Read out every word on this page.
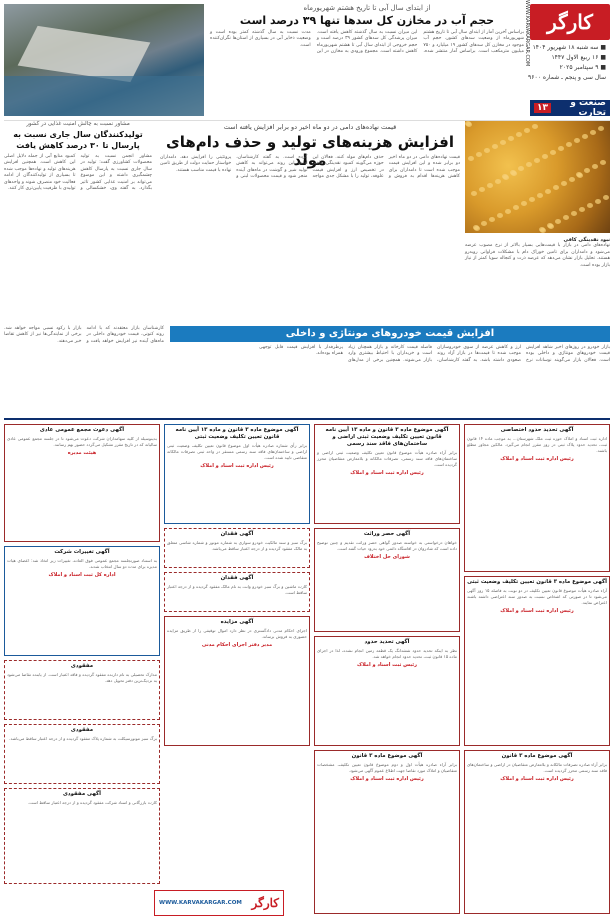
کارگر
WWW.KARVAKARGAR.COM ■ سه شنبه ۱۸ شهریور ۱۴۰۴
■ ۱۶ ربیع الاول ۱۴۴۷
■ ۹ سپتامبر ۲۰۲۵
سال سی و پنجم ـ شماره ۹۶۰۰
صنعت و تجارت
۱۳
از ابتدای سال آبی تا تاریخ هشتم شهریورماه
حجم آب در مخازن کل سدها تنها ۳۹ درصد است
براساس آخرین آمار از ابتدای سال آبی تا تاریخ هشتم شهریورماه از وضعیت سدهای کشور، حجم آب موجود در مخازن کل سدهای کشور ۱۹ میلیارد و ۷۵۰ میلیون مترمکعب است. براساس آمار منتشر شده، این میزان نسبت به سال گذشته کاهش یافته است. میزان پرشدگی کل سدهای کشور ۳۹ درصد است و حجم خروجی از ابتدای سال آبی تا هشتم شهریورماه کاهش داشته است. مجموع ورودی به مخازن در این مدت نسبت به سال گذشته کمتر بوده است و وضعیت ذخایر آبی در بسیاری از استان‌ها نگران‌کننده است.
مشاور نسبت به چالش امنیت غذایی در کشور
تولیدکنندگان سال جاری نسبت به پارسال تا ۳۰ درصد کاهش یافت
مشاور انجمن نسبت به تولید محصولات کشاورزی گفت: تولید در سال جاری نسبت به پارسال کاهش چشمگیری داشته و این موضوع می‌تواند بر امنیت غذایی کشور تاثیر بگذارد. به گفته وی، خشکسالی و کمبود منابع آبی از جمله دلایل اصلی این کاهش است. همچنین افزایش هزینه‌های تولید و نهاده‌ها موجب شده تا بسیاری از تولیدکنندگان از ادامه فعالیت خود منصرف شوند و واحدهای تولیدی با ظرفیت پایین‌تری کار کنند.
قیمت نهاده‌های دامی در دو ماه اخیر دو برابر افزایش یافته است
افزایش هزینه‌های تولید و حذف دام‌های مولد	قیمت نهاده‌های دامی در دو ماه اخیر دو برابر شده و این افزایش قیمت موجب شده است تا دامداران برای کاهش هزینه‌ها اقدام به فروش و حذف دام‌های مولد کنند. فعالان این حوزه می‌گویند کمبود نقدینگی، تاخیر در تخصیص ارز و افزایش قیمت علوفه، تولید را با مشکل جدی مواجه کرده است. به گفته کارشناسان، ادامه این روند می‌تواند به کاهش تولید شیر و گوشت در ماه‌های آینده منجر شود و قیمت محصولات لبنی و پروتئینی را افزایش دهد. دامداران خواستار حمایت دولت از طریق تامین نهاده با قیمت مناسب هستند.
نبود نقدینگی کافی
نهاده‌های دامی در بازار با قیمت‌هایی بسیار بالاتر از نرخ مصوب عرضه می‌شود و دامداران برای تامین خوراک دام با مشکلات فراوانی روبه‌رو هستند. تحلیل بازار نشان می‌دهد که عرضه ذرت و کنجاله سویا کمتر از نیاز بازار بوده است.
افزایش قیمت خودروهای مونتاژی و داخلی
بازار خودرو در روزهای اخیر شاهد افزایش قیمت خودروهای مونتاژی و داخلی بوده است. فعالان بازار می‌گویند نوسانات نرخ ارز و کاهش عرضه از سوی خودروسازان موجب شده تا قیمت‌ها در بازار آزاد روند صعودی داشته باشد. به گفته کارشناسان، فاصله قیمت کارخانه و بازار همچنان زیاد است و خریداران با احتیاط بیشتری وارد بازار می‌شوند. همچنین برخی از مدل‌های پرطرفدار با افزایش قیمت قابل توجهی همراه بوده‌اند.
کارشناسان بازار معتقدند که با ادامه روند کنونی، قیمت خودروهای داخلی در ماه‌های آینده نیز افزایش خواهد یافت و بازار با رکود نسبی مواجه خواهد شد. برخی از نمایندگی‌ها نیز از کاهش تقاضا خبر می‌دهند.
آگهی تحدید حدود اختصاصی
اداره ثبت اسناد و املاک حوزه ثبت ملک شهرستان... به موجب ماده ۱۴ قانون ثبت، تحدید حدود پلاک ثبتی در روز مقرر انجام می‌گیرد. مالکین مجاور مطلع باشند.
رئیس اداره ثبت اسناد و املاک
آگهی موضوع ماده ۳ قانون و ماده ۱۳ آیین نامه قانون تعیین تکلیف وضعیت ثبتی اراضی و ساختمان‌های فاقد سند رسمی
برابر آراء صادره هیأت موضوع قانون تعیین تکلیف وضعیت ثبتی اراضی و ساختمان‌های فاقد سند رسمی، تصرفات مالکانه و بلامعارض متقاضیان محرز گردیده است.
رئیس اداره ثبت اسناد و املاک
آگهی موضوع ماده ۳ قانون و ماده ۱۳ آیین نامه قانون تعیین تکلیف وضعیت ثبتی
برابر رأی شماره صادره هیأت اول موضوع قانون تعیین تکلیف وضعیت ثبتی اراضی و ساختمان‌های فاقد سند رسمی مستقر در واحد ثبتی تصرفات مالکانه متقاضی تایید شده است.
رئیس اداره ثبت اسناد و املاک
آگهی دعوت مجمع عمومی عادی
بدینوسیله از کلیه سهامداران شرکت دعوت می‌شود تا در جلسه مجمع عمومی عادی سالیانه که در تاریخ مقرر تشکیل می‌گردد حضور بهم رسانند.
هیئت مدیره
آگهی حصر وراثت
خواهان درخواستی به خواسته صدور گواهی حصر وراثت تقدیم و چنین توضیح داده است که شادروان در اقامتگاه دائمی خود بدرود حیات گفته است.
شورای حل اختلاف
آگهی فقدان
برگ سبز و سند مالکیت خودرو سواری به شماره موتور و شماره شاسی متعلق به مالک مفقود گردیده و از درجه اعتبار ساقط می‌باشد.
آگهی فقدان
کارت ماشین و برگ سبز خودرو وانت به نام مالک مفقود گردیده و از درجه اعتبار ساقط است.
آگهی تغییرات شرکت
به استناد صورتجلسه مجمع عمومی فوق العاده، تغییرات زیر اتخاذ شد: اعضای هیات مدیره برای مدت دو سال انتخاب شدند.
اداره کل ثبت اسناد و املاک
آگهی موضوع ماده ۳ قانون تعیین تکلیف وضعیت ثبتی
آراء صادره هیأت موضوع قانون تعیین تکلیف در دو نوبت به فاصله ۱۵ روز آگهی می‌شود تا در صورتی که اشخاص نسبت به صدور سند اعتراضی داشته باشند اعتراض نمایند.
رئیس اداره ثبت اسناد و املاک
آگهی تحدید حدود
نظر به اینکه تحدید حدود ششدانگ یک قطعه زمین انجام نشده، لذا در اجرای ماده ۱۵ قانون ثبت، تحدید حدود انجام خواهد شد.
رئیس ثبت اسناد و املاک
آگهی مزایده
اجرای احکام مدنی دادگستری در نظر دارد اموال توقیفی را از طریق مزایده حضوری به فروش برساند.
مدیر دفتر اجرای احکام مدنی
مفقودی
مدارک تحصیلی به نام دارنده مفقود گردیده و فاقد اعتبار است. از یابنده تقاضا می‌شود به نزدیک‌ترین دفتر تحویل دهد.
مفقودی
برگ سبز موتورسیکلت به شماره پلاک مفقود گردیده و از درجه اعتبار ساقط می‌باشد.
آگهی مفقودی
کارت بازرگانی و اسناد شرکت مفقود گردیده و از درجه اعتبار ساقط است.
آگهی موضوع ماده ۳ قانون
برابر آراء صادره تصرفات مالکانه و بلامعارض متقاضیان در اراضی و ساختمان‌های فاقد سند رسمی محرز گردیده است.
رئیس اداره ثبت اسناد و املاک
آگهی موضوع ماده ۳ قانون
برابر آراء صادره هیأت اول و دوم موضوع قانون تعیین تکلیف، مشخصات متقاضیان و املاک مورد تقاضا جهت اطلاع عموم آگهی می‌شود.
رئیس اداره ثبت اسناد و املاک
کارگر
WWW.KARVAKARGAR.COM
